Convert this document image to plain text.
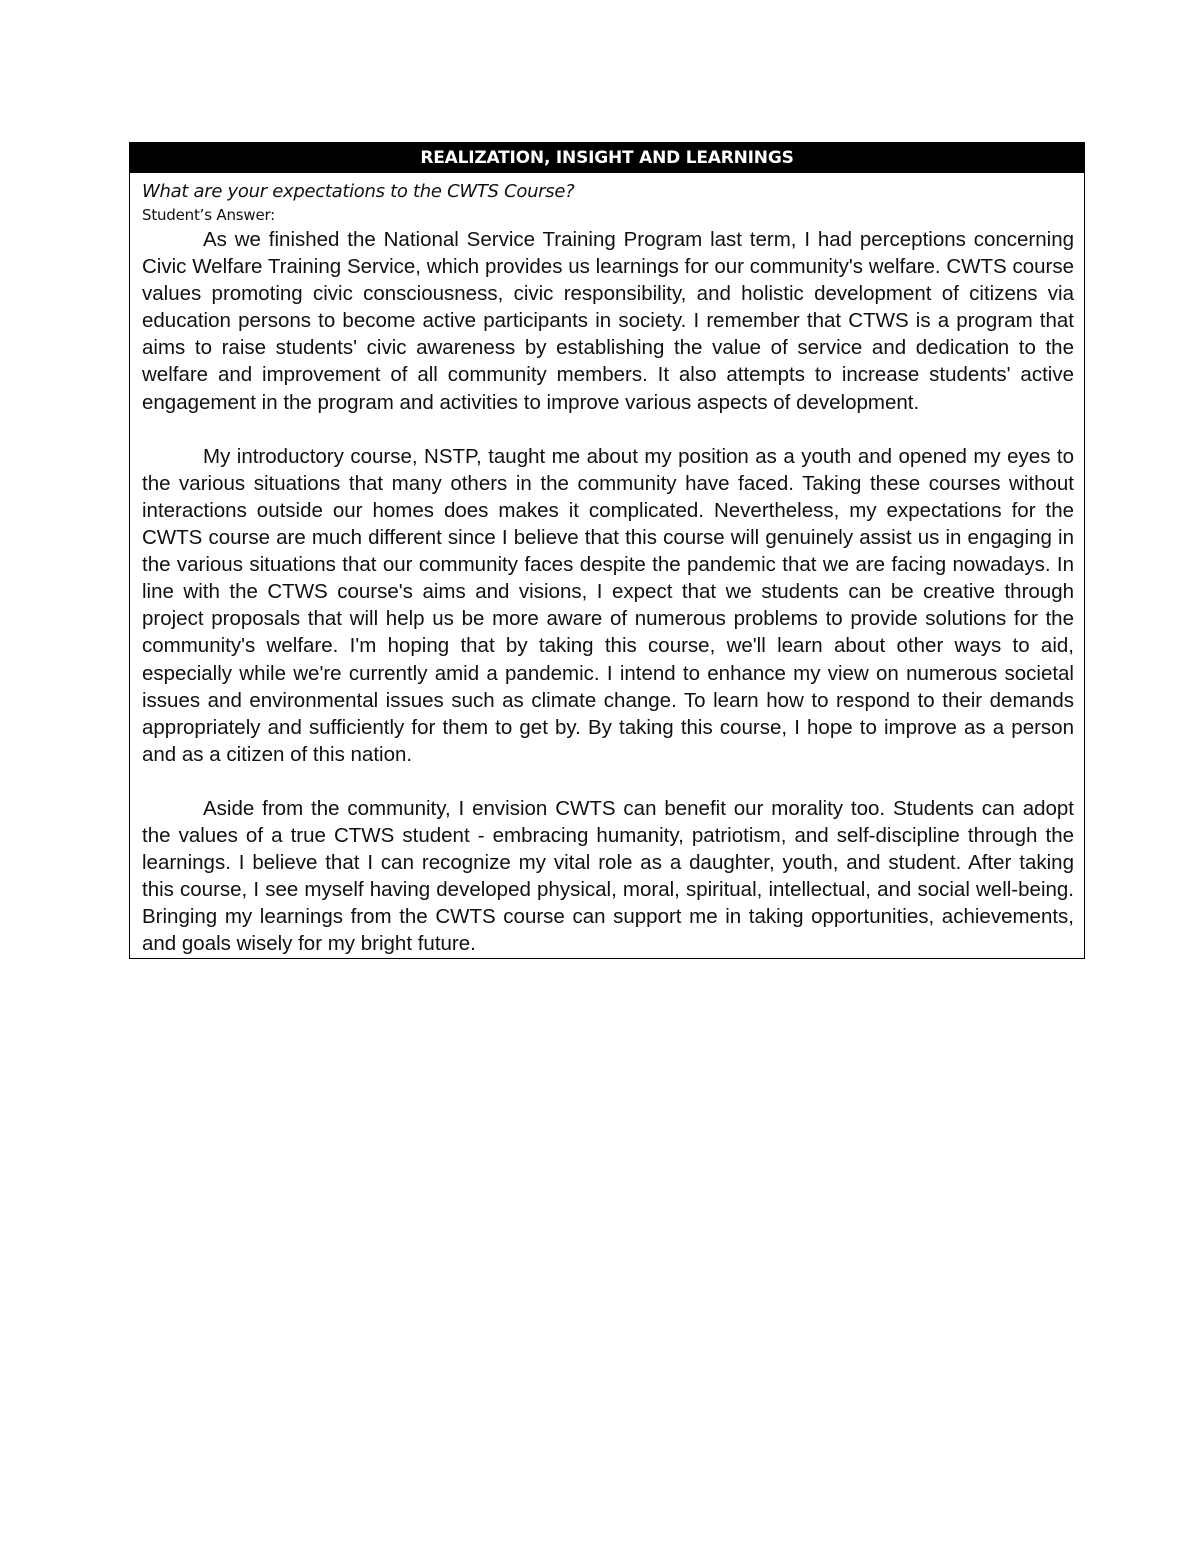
REALIZATION, INSIGHT AND LEARNINGS

What are your expectations to the CWTS Course?

Student’s Answer:

As we finished the National Service Training Program last term, I had perceptions concerning Civic Welfare Training Service, which provides us learnings for our community's welfare. CWTS course values promoting civic consciousness, civic responsibility, and holistic development of citizens via education persons to become active participants in society. I remember that CTWS is a program that aims to raise students' civic awareness by establishing the value of service and dedication to the welfare and improvement of all community members. It also attempts to increase students' active engagement in the program and activities to improve various aspects of development.

My introductory course, NSTP, taught me about my position as a youth and opened my eyes to the various situations that many others in the community have faced. Taking these courses without interactions outside our homes does makes it complicated. Nevertheless, my expectations for the CWTS course are much different since I believe that this course will genuinely assist us in engaging in the various situations that our community faces despite the pandemic that we are facing nowadays. In line with the CTWS course's aims and visions, I expect that we students can be creative through project proposals that will help us be more aware of numerous problems to provide solutions for the community's welfare. I'm hoping that by taking this course, we'll learn about other ways to aid, especially while we're currently amid a pandemic. I intend to enhance my view on numerous societal issues and environmental issues such as climate change. To learn how to respond to their demands appropriately and sufficiently for them to get by. By taking this course, I hope to improve as a person and as a citizen of this nation.

Aside from the community, I envision CWTS can benefit our morality too. Students can adopt the values of a true CTWS student - embracing humanity, patriotism, and self-discipline through the learnings. I believe that I can recognize my vital role as a daughter, youth, and student. After taking this course, I see myself having developed physical, moral, spiritual, intellectual, and social well-being. Bringing my learnings from the CWTS course can support me in taking opportunities, achievements, and goals wisely for my bright future.
